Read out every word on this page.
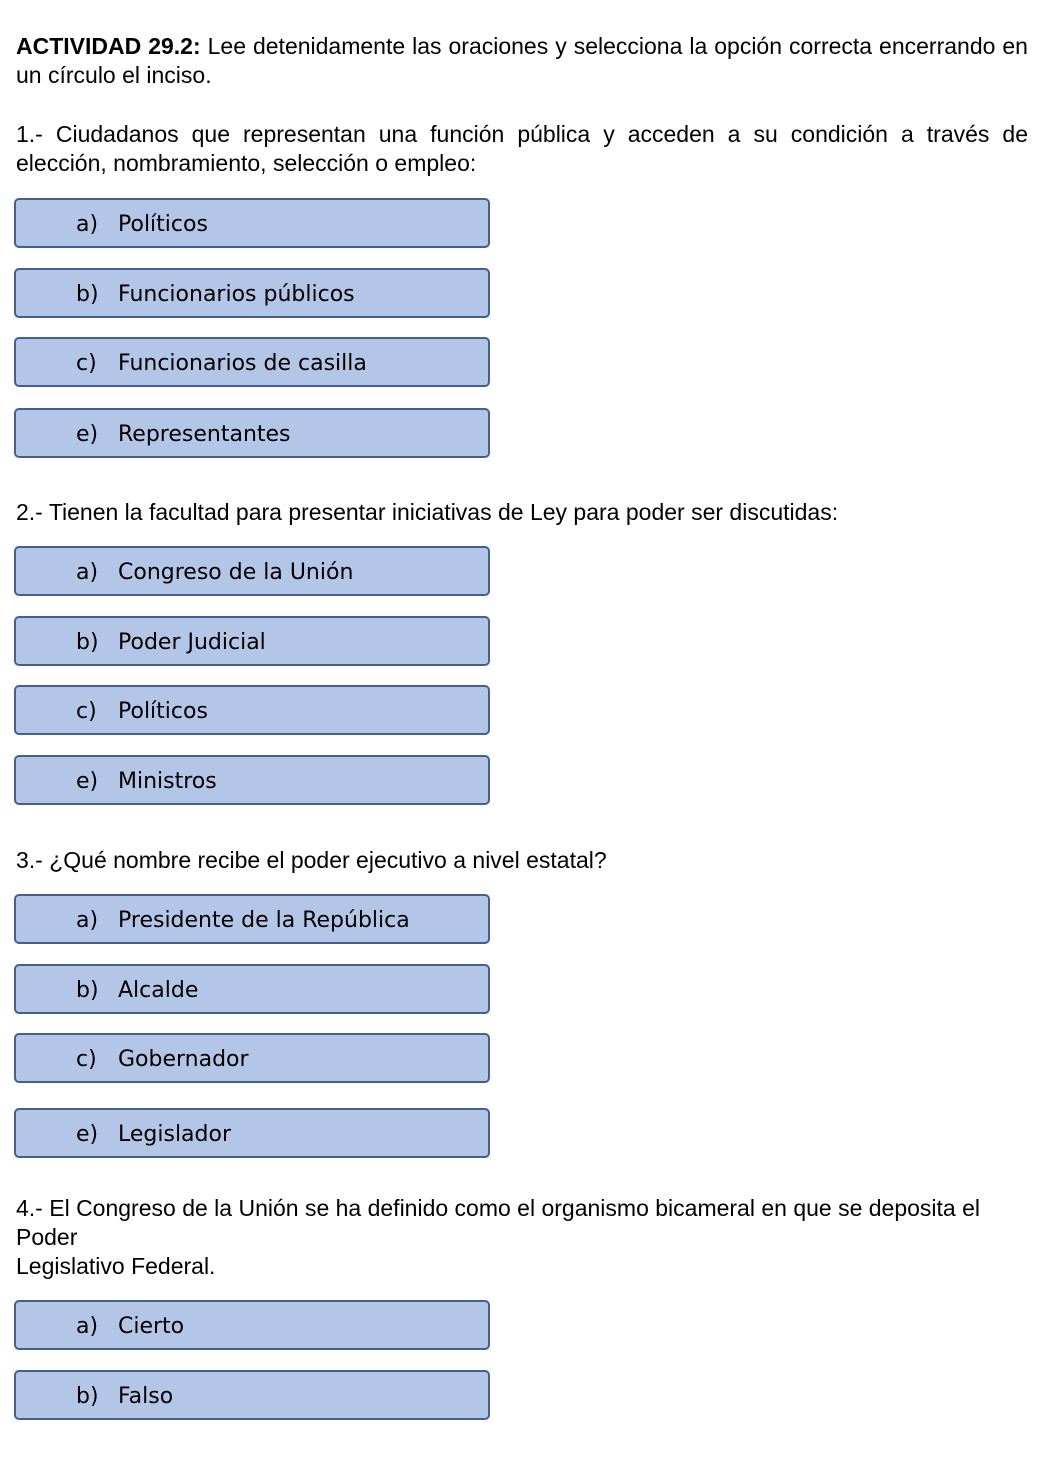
ACTIVIDAD 29.2: Lee detenidamente las oraciones y selecciona la opción correcta encerrando en un círculo el inciso.

1.- Ciudadanos que representan una función pública y acceden a su condición a través de elección, nombramiento, selección o empleo:

a) Políticos
b) Funcionarios públicos
c) Funcionarios de casilla
e) Representantes

2.- Tienen la facultad para presentar iniciativas de Ley para poder ser discutidas:

a) Congreso de la Unión
b) Poder Judicial
c) Políticos
e) Ministros

3.- ¿Qué nombre recibe el poder ejecutivo a nivel estatal?

a) Presidente de la República
b) Alcalde
c) Gobernador
e) Legislador

4.- El Congreso de la Unión se ha definido como el organismo bicameral en que se deposita el Poder

Legislativo Federal.

a) Cierto
b) Falso
